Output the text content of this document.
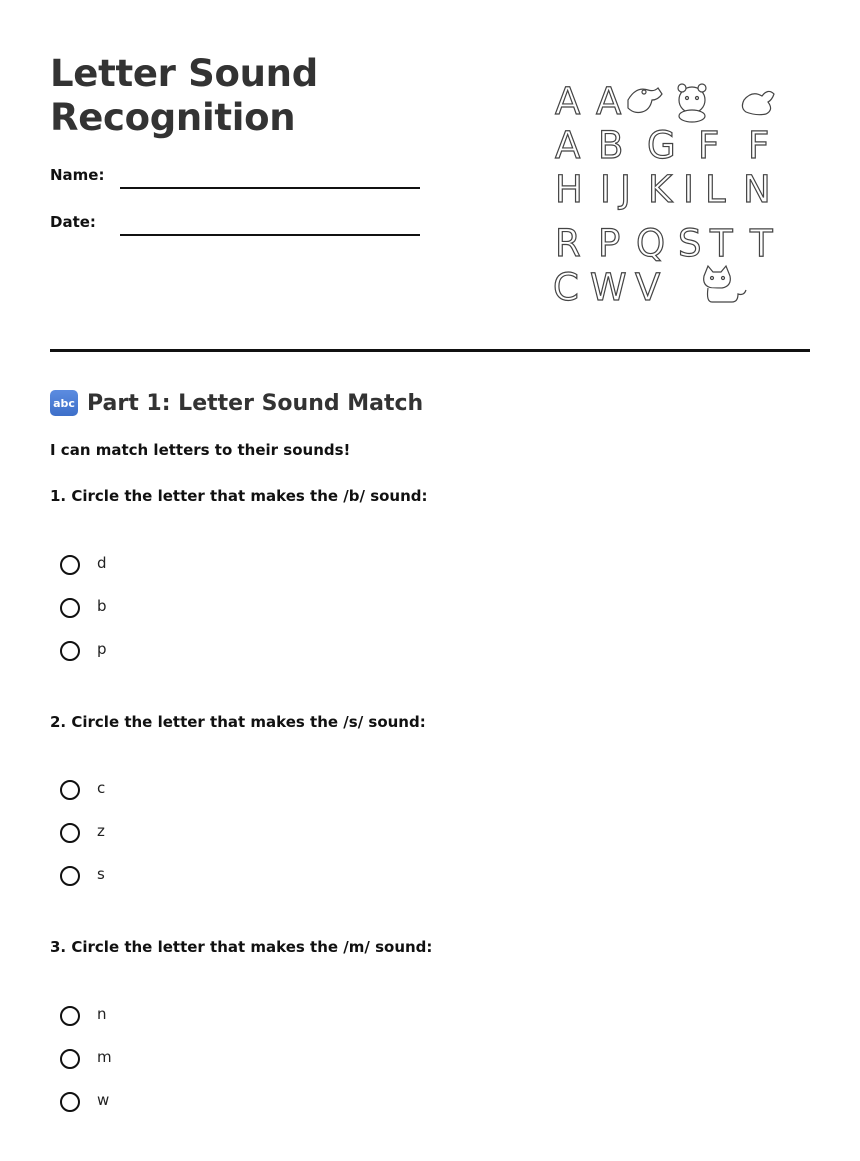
Letter Sound
Recognition
Name:
Date:
A A
A B G F F
H I J K I L N
R P Q S T T
C W V
abc Part 1: Letter Sound Match
I can match letters to their sounds!
1. Circle the letter that makes the /b/ sound:
d
b
p
2. Circle the letter that makes the /s/ sound:
c
z
s
3. Circle the letter that makes the /m/ sound:
n
m
w
